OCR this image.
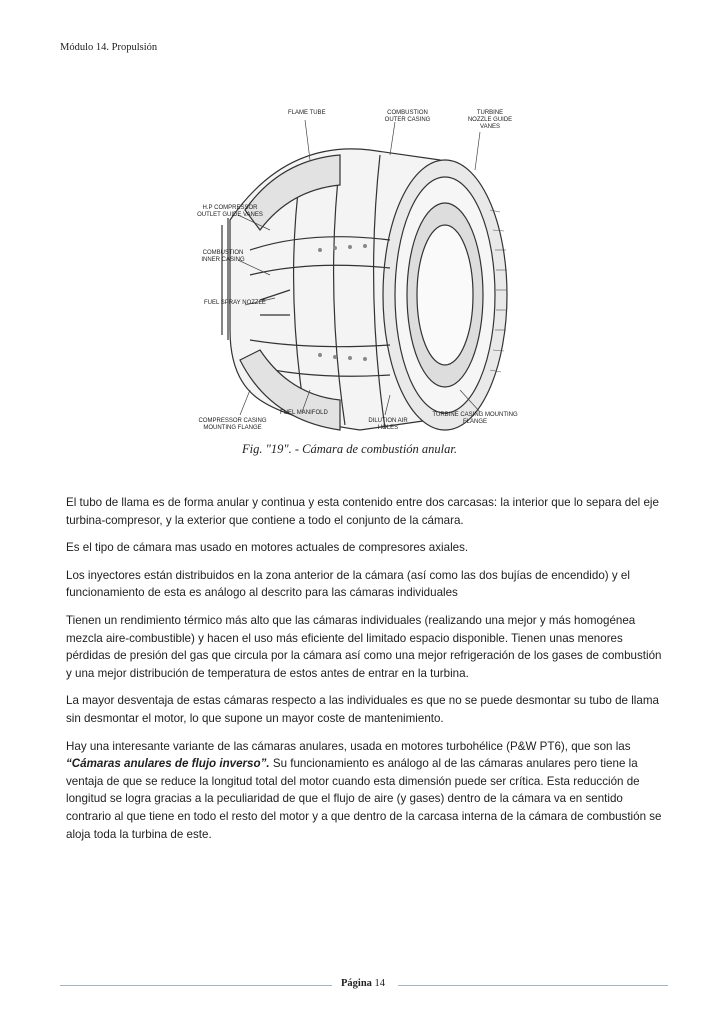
Módulo 14. Propulsión
FLAME TUBE	COMBUSTION OUTER CASING
TURBINE NOZZLE GUIDE VANES
H.P COMPRESSOR OUTLET GUIDE VANES
COMBUSTION INNER CASING
FUEL SPRAY NOZZLE
COMPRESSOR CASING MOUNTING FLANGE
FUEL MANIFOLD
DILUTION AIR HOLES
TURBINE CASING MOUNTING FLANGE
Fig. "19". - Cámara de combustión anular.

El tubo de llama es de forma anular y continua y esta contenido entre dos carcasas: la interior que lo separa del eje turbina-compresor, y la exterior que contiene a todo el conjunto de la cámara.

Es el tipo de cámara mas usado en motores actuales de compresores axiales.

Los inyectores están distribuidos en la zona anterior de la cámara (así como las dos bujías de encendido) y el funcionamiento de esta es análogo al descrito para las cámaras individuales

Tienen un rendimiento térmico más alto que las cámaras individuales (realizando una mejor y más homogénea mezcla aire-combustible) y hacen el uso más eficiente del limitado espacio disponible. Tienen unas menores pérdidas de presión del gas que circula por la cámara así como una mejor refrigeración de los gases de combustión y una mejor distribución de temperatura de estos antes de entrar en la turbina.

La mayor desventaja de estas cámaras respecto a las individuales es que no se puede desmontar su tubo de llama sin desmontar el motor, lo que supone un mayor coste de mantenimiento.

Hay una interesante variante de las cámaras anulares, usada en motores turbohélice (P&W PT6), que son las “Cámaras anulares de flujo inverso”. Su funcionamiento es análogo al de las cámaras anulares pero tiene la ventaja de que se reduce la longitud total del motor cuando esta dimensión puede ser crítica. Esta reducción de longitud se logra gracias a la peculiaridad de que el flujo de aire (y gases) dentro de la cámara va en sentido contrario al que tiene en todo el resto del motor y a que dentro de la carcasa interna de la cámara de combustión se aloja toda la turbina de este.

Página 14
